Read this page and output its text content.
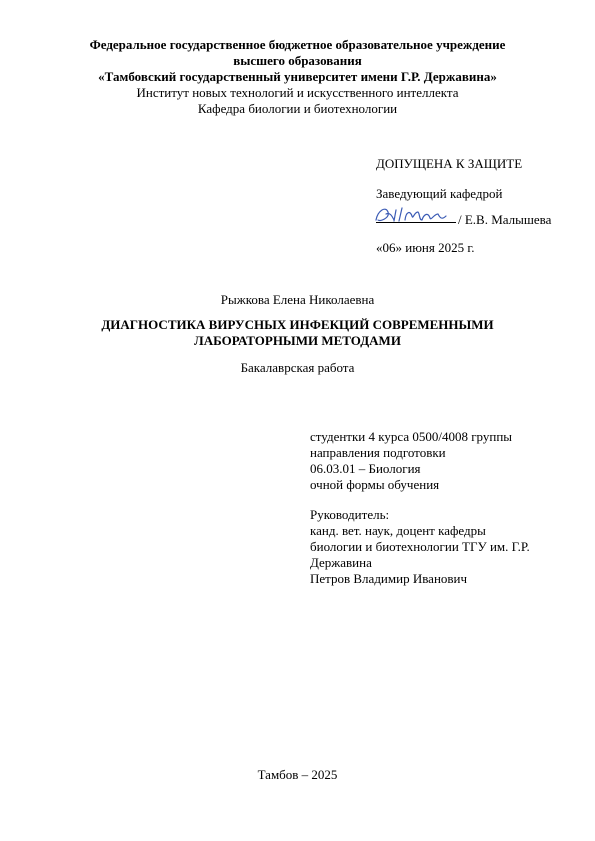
Федеральное государственное бюджетное образовательное учреждение
высшего образования
«Тамбовский государственный университет имени Г.Р. Державина»
Институт новых технологий и искусственного интеллекта
Кафедра биологии и биотехнологии
ДОПУЩЕНА К ЗАЩИТЕ
Заведующий кафедрой
/ Е.В. Малышева
«06» июня 2025 г.
Рыжкова Елена Николаевна
ДИАГНОСТИКА ВИРУСНЫХ ИНФЕКЦИЙ СОВРЕМЕННЫМИ
ЛАБОРАТОРНЫМИ МЕТОДАМИ
Бакалаврская работа
студентки 4 курса 0500/4008 группы
направления подготовки
06.03.01 – Биология
очной формы обучения
Руководитель:
канд. вет. наук, доцент кафедры
биологии и биотехнологии ТГУ им. Г.Р.
Державина
Петров Владимир Иванович
Тамбов – 2025
